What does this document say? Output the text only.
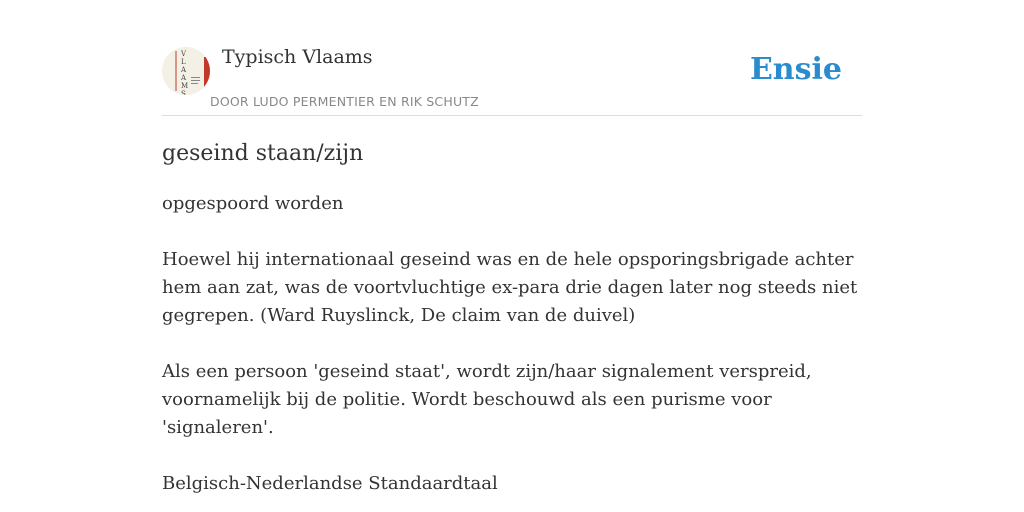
V
L
A
A
M
S
Typisch Vlaams
DOOR LUDO PERMENTIER EN RIK SCHUTZ
Ensie
geseind staan/zijn

opgespoord worden

Hoewel hij internationaal geseind was en de hele opsporingsbrigade achter hem aan zat, was de voortvluchtige ex-para drie dagen later nog steeds niet gegrepen. (Ward Ruyslinck, De claim van de duivel)

Als een persoon 'geseind staat', wordt zijn/haar signalement verspreid, voornamelijk bij de politie. Wordt beschouwd als een purisme voor 'signaleren'.

Belgisch-Nederlandse Standaardtaal
